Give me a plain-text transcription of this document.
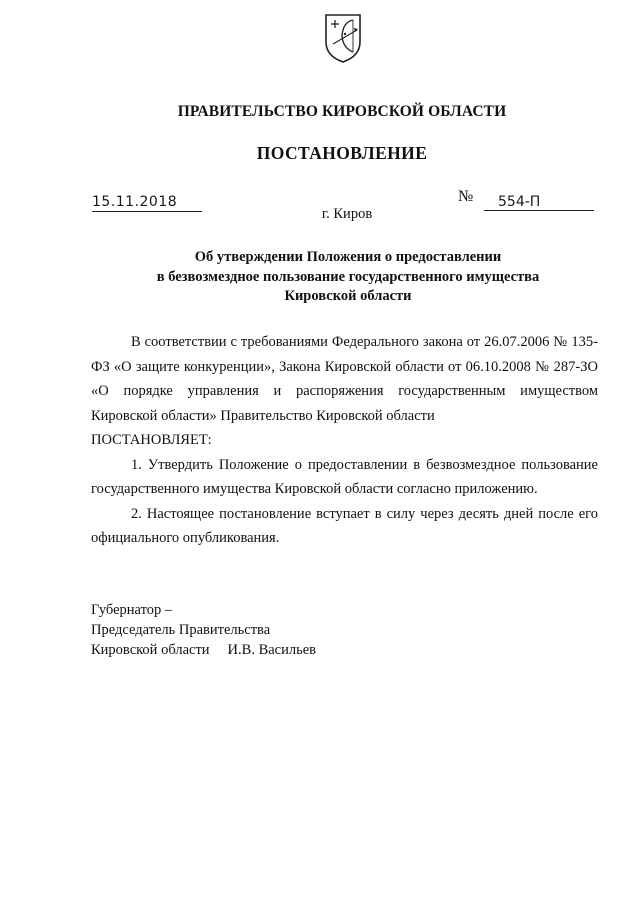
ПРАВИТЕЛЬСТВО КИРОВСКОЙ ОБЛАСТИ
ПОСТАНОВЛЕНИЕ
15.11.2018	№	554-П
г. Киров
Об утверждении Положения о предоставлении
в безвозмездное пользование государственного имущества
Кировской области

В соответствии с требованиями Федерального закона от 26.07.2006 № 135-ФЗ «О защите конкуренции», Закона Кировской области от 06.10.2008 № 287-ЗО «О порядке управления и распоряжения государственным имуществом Кировской области» Правительство Кировской области

ПОСТАНОВЛЯЕТ:

1. Утвердить Положение о предоставлении в безвозмездное пользование государственного имущества Кировской области согласно приложению.

2. Настоящее постановление вступает в силу через десять дней после его официального опубликования.

Губернатор –
Председатель Правительства
Кировской области И.В. Васильев
